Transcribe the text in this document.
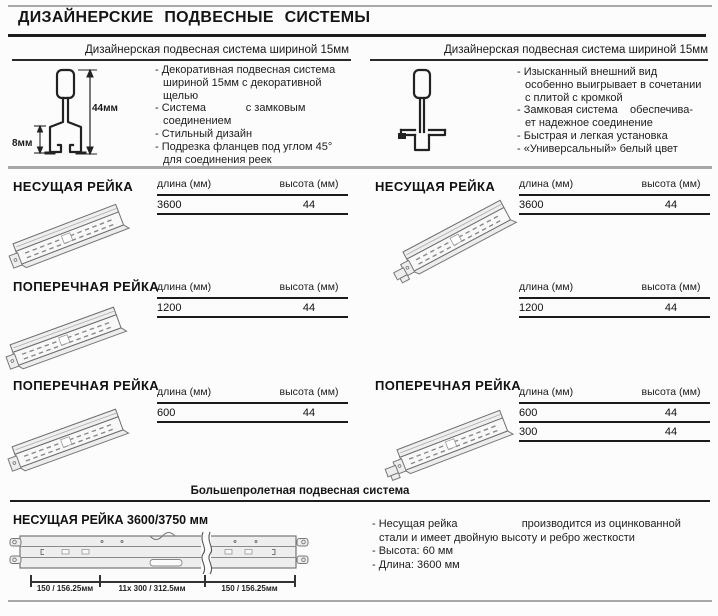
ДИЗАЙНЕРСКИЕ ПОДВЕСНЫЕ СИСТЕМЫ
Дизайнерская подвесная система шириной 15мм	Дизайнерская подвесная система шириной 15мм
44мм
8мм
- Декоративная подвесная система
шириной 15мм с декоративной
щелью
- Система             с замковым
соединением
- Стильный дизайн
- Подрезка фланцев под углом 45°
для соединения реек
- Изысканный внешний вид
особенно выигрывает в сочетании
с плитой с кромкой
- Замковая система    обеспечива-
ет надежное соединение
- Быстрая и легкая установка
- «Универсальный» белый цвет
НЕСУЩАЯ РЕЙКА длина (мм)	высота (мм)
3600	44
НЕСУЩАЯ РЕЙКА длина (мм)	высота (мм)
3600	44
ПОПЕРЕЧНАЯ РЕЙКА
длина (мм)	высота (мм)
1200	44
длина (мм)	высота (мм)
1200	44
ПОПЕРЕЧНАЯ РЕЙКА
длина (мм)	высота (мм)
600	44
ПОПЕРЕЧНАЯ РЕЙКА
длина (мм)	высота (мм)
600	44
300	44
Большепролетная подвесная система
НЕСУЩАЯ РЕЙКА 3600/3750 мм
150 / 156.25мм	11х 300 / 312.5мм	150 / 156.25мм
- Несущая рейка                     производится из оцинкованной
стали и имеет двойную высоту и ребро жесткости
- Высота: 60 мм
- Длина: 3600 мм
